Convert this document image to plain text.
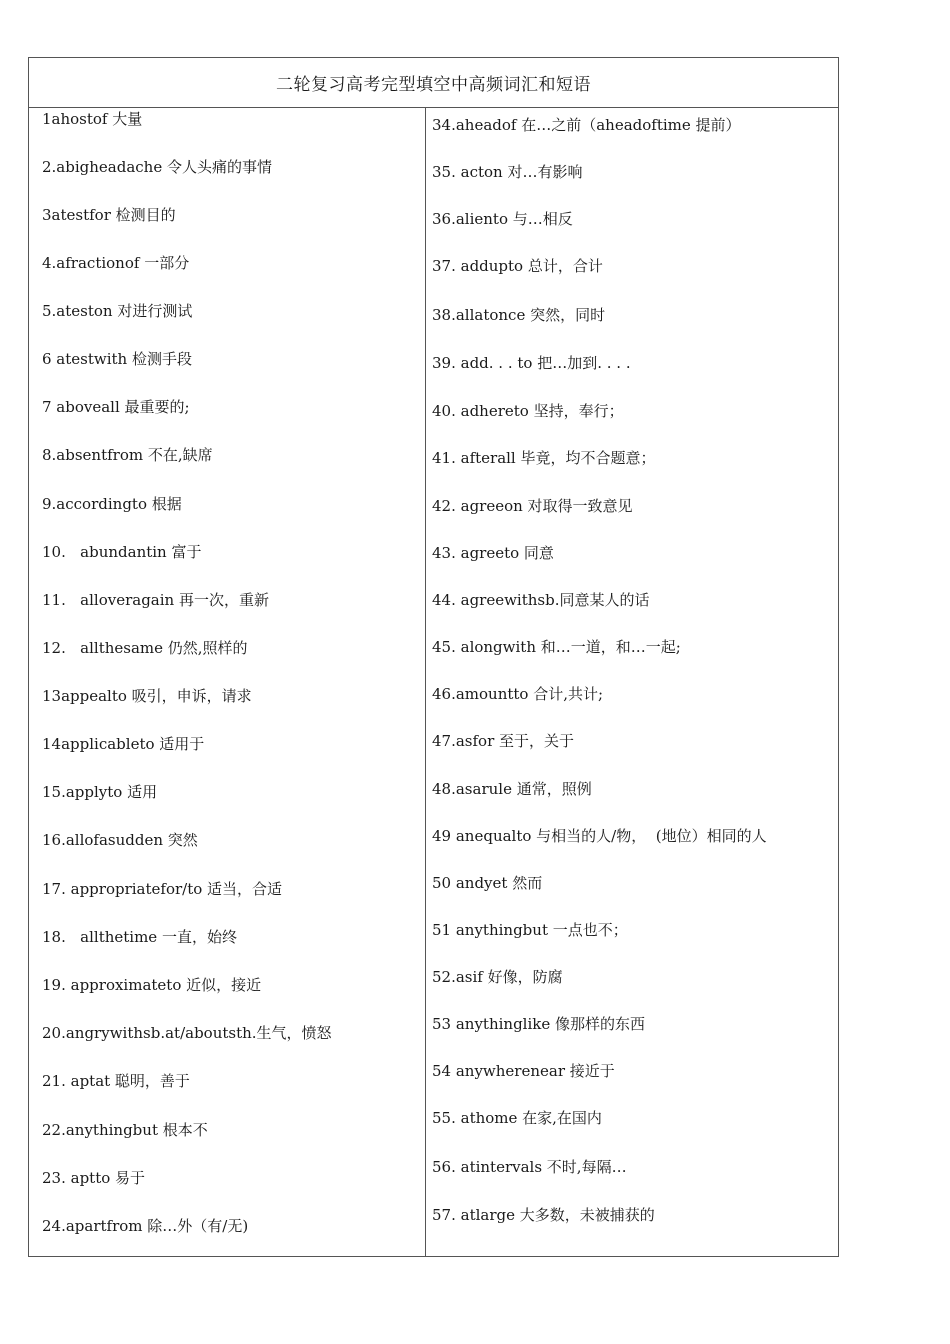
二轮复习高考完型填空中高频词汇和短语
1ahostof 大量
2.abigheadache 令人头痛的事情
3atestfor 检测目的
4.afractionof 一部分
5.ateston 对进行测试
6 atestwith 检测手段
7 aboveall 最重要的;
8.absentfrom 不在,缺席
9.accordingto 根据
10.   abundantin 富于
11.   alloveragain 再一次，重新
12.   allthesame 仍然,照样的
13appealto 吸引，申诉，请求
14applicableto 适用于
15.applyto 适用
16.allofasudden 突然
17. appropriatefor/to 适当，合适
18.   allthetime 一直，始终
19. approximateto 近似，接近
20.angrywithsb.at/aboutsth.生气，愤怒
21. aptat 聪明，善于
22.anythingbut 根本不
23. aptto 易于
24.apartfrom 除…外（有/无)
34.aheadof 在…之前（aheadoftime 提前）
35. acton 对…有影响
36.aliento 与…相反
37. addupto 总计，合计
38.allatonce 突然，同时
39. add. . . to 把…加到. . . .
40. adhereto 坚持，奉行；
41. afterall 毕竟，均不合题意；
42. agreeon 对取得一致意见
43. agreeto 同意
44. agreewithsb.同意某人的话
45. alongwith 和…一道，和…一起;
46.amountto 合计,共计;
47.asfor 至于，关于
48.asarule 通常，照例
49 anequalto 与相当的人/物，  (地位）相同的人
50 andyet 然而
51 anythingbut 一点也不；
52.asif 好像，防腐
53 anythinglike 像那样的东西
54 anywherenear 接近于
55. athome 在家,在国内
56. atintervals 不时,每隔…
57. atlarge 大多数，未被捕获的
